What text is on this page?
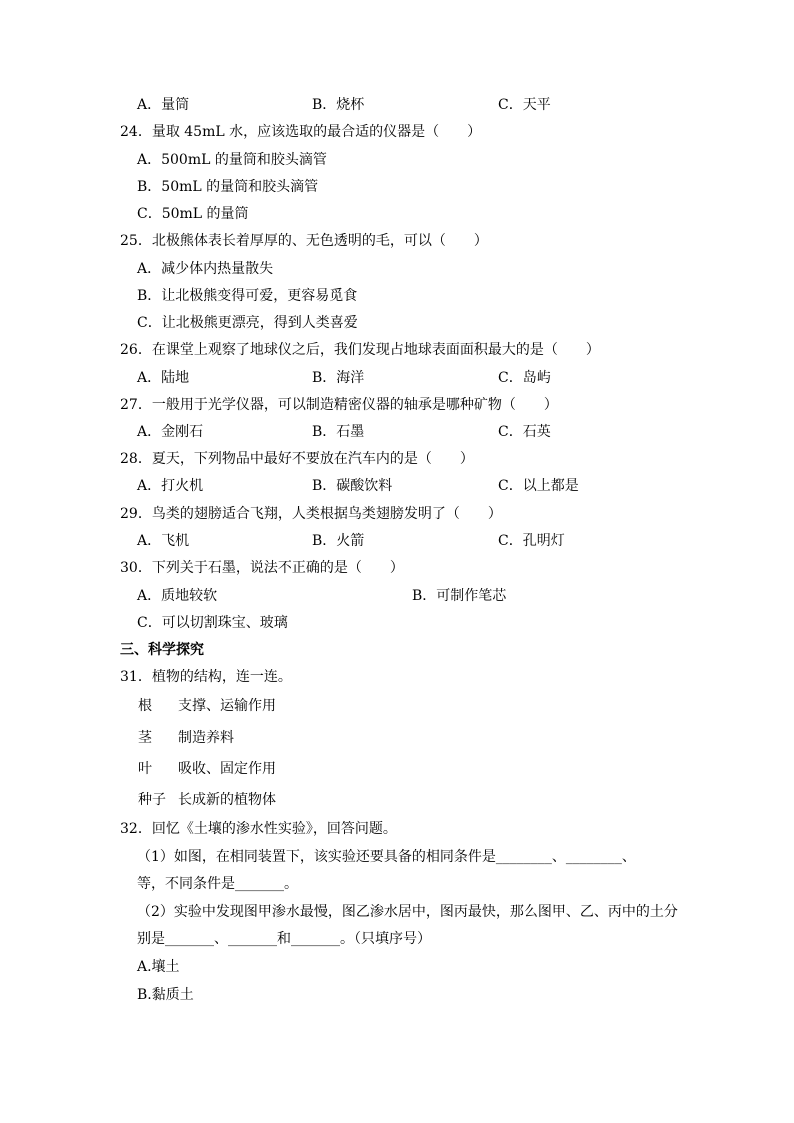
A．量筒	B．烧杯	C．天平
24．量取 45mL 水，应该选取的最合适的仪器是（　　）
A．500mL 的量筒和胶头滴管
B．50mL 的量筒和胶头滴管
C．50mL 的量筒
25．北极熊体表长着厚厚的、无色透明的毛，可以（　　）
A．减少体内热量散失
B．让北极熊变得可爱，更容易觅食
C．让北极熊更漂亮，得到人类喜爱
26．在课堂上观察了地球仪之后，我们发现占地球表面面积最大的是（　　）
A．陆地	B．海洋	C．岛屿
27．一般用于光学仪器，可以制造精密仪器的轴承是哪种矿物（　　）
A．金刚石	B．石墨	C．石英
28．夏天，下列物品中最好不要放在汽车内的是（　　）
A．打火机	B．碳酸饮料	C．以上都是
29．鸟类的翅膀适合飞翔，人类根据鸟类翅膀发明了（　　）
A．飞机	B．火箭	C．孔明灯
30．下列关于石墨，说法不正确的是（　　）
A．质地较软	B．可制作笔芯
C．可以切割珠宝、玻璃
三、科学探究
31．植物的结构，连一连。
根 支撑、运输作用
茎 制造养料
叶 吸收、固定作用
种子 长成新的植物体
32．回忆《土壤的渗水性实验》，回答问题。
（1）如图，在相同装置下，该实验还要具备的相同条件是________、________、
等，不同条件是_______。
（2）实验中发现图甲渗水最慢，图乙渗水居中，图丙最快，那么图甲、乙、丙中的土分
别是_______、_______和_______。（只填序号）
A.壤土
B.黏质土
